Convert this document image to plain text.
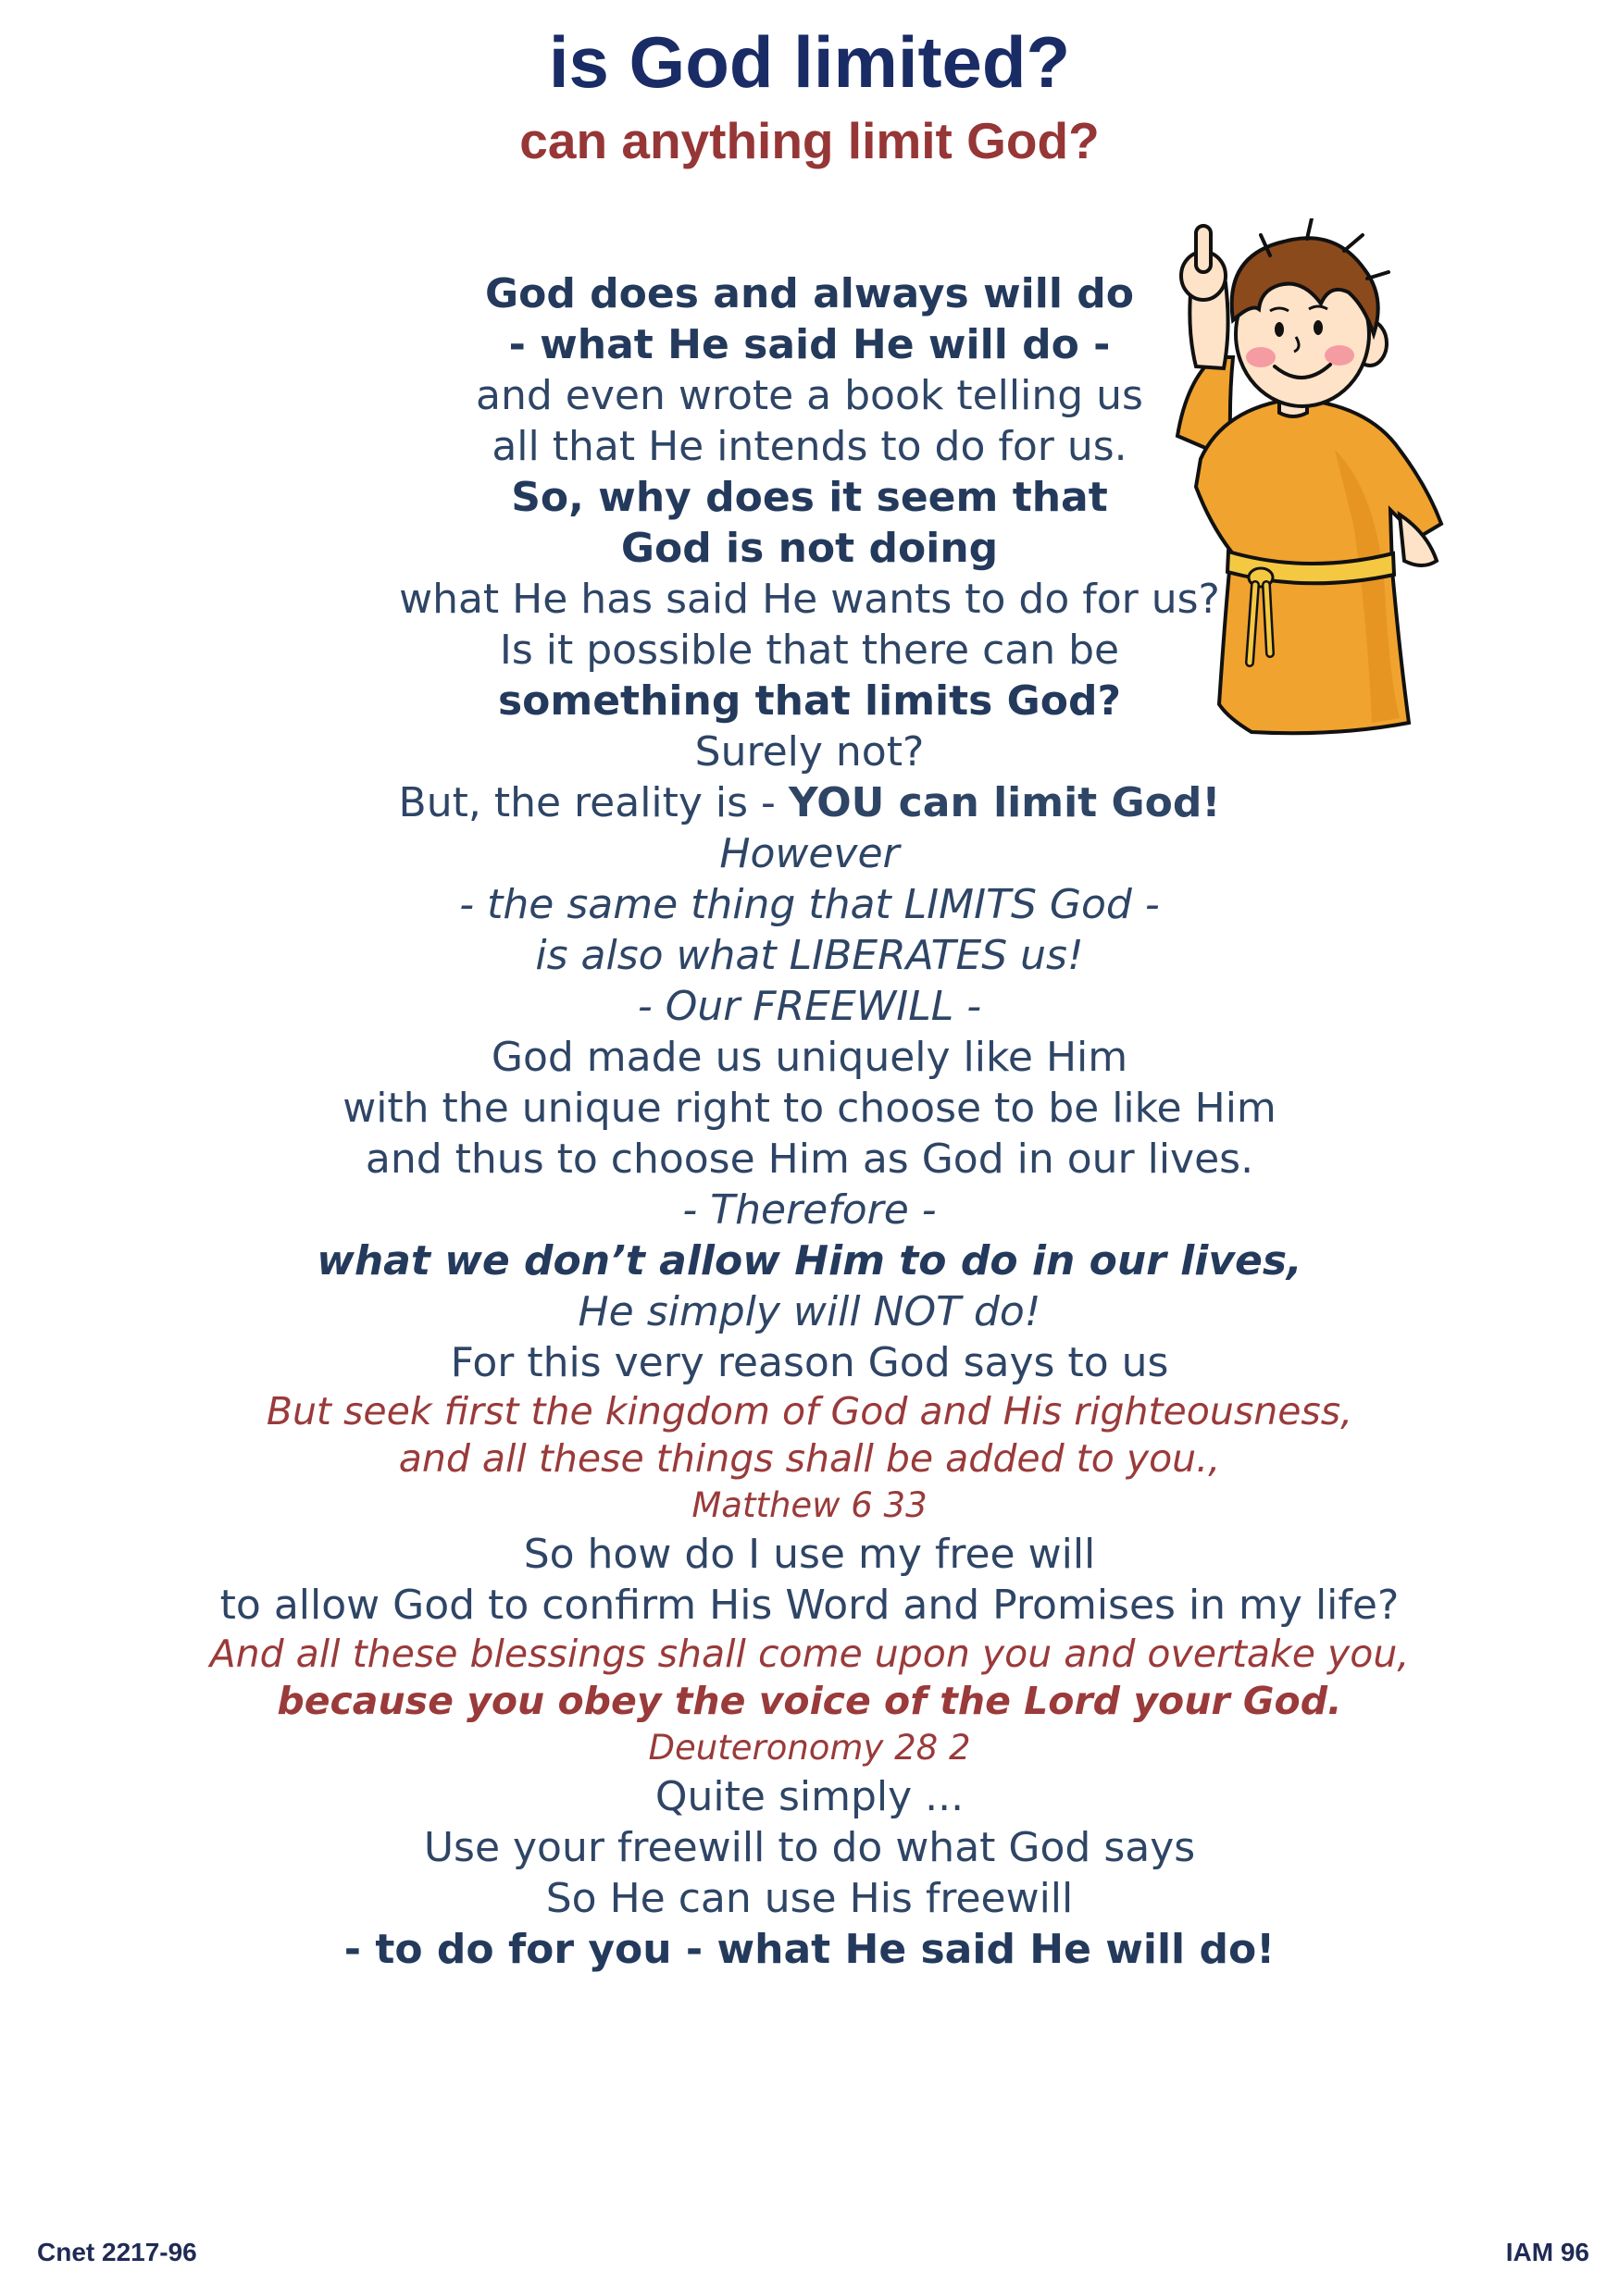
is God limited?
can anything limit God?

God does and always will do
- what He said He will do -
and even wrote a book telling us
all that He intends to do for us.

So, why does it seem that
God is not doing
what He has said He wants to do for us?

Is it possible that there can be
something that limits God?
Surely not?

But, the reality is - YOU can limit God!

However
- the same thing that LIMITS God -
is also what LIBERATES us!
- Our FREEWILL -

God made us uniquely like Him
with the unique right to choose to be like Him
and thus to choose Him as God in our lives.
- Therefore -
what we don’t allow Him to do in our lives,
He simply will NOT do!

For this very reason God says to us

But seek first the kingdom of God and His righteousness,
and all these things shall be added to you.,
Matthew 6 33

So how do I use my free will
to allow God to confirm His Word and Promises in my life?

And all these blessings shall come upon you and overtake you,
because you obey the voice of the Lord your God.
Deuteronomy 28 2

Quite simply ...
Use your freewill to do what God says
So He can use His freewill
- to do for you - what He said He will do!

Cnet 2217-96	IAM 96
